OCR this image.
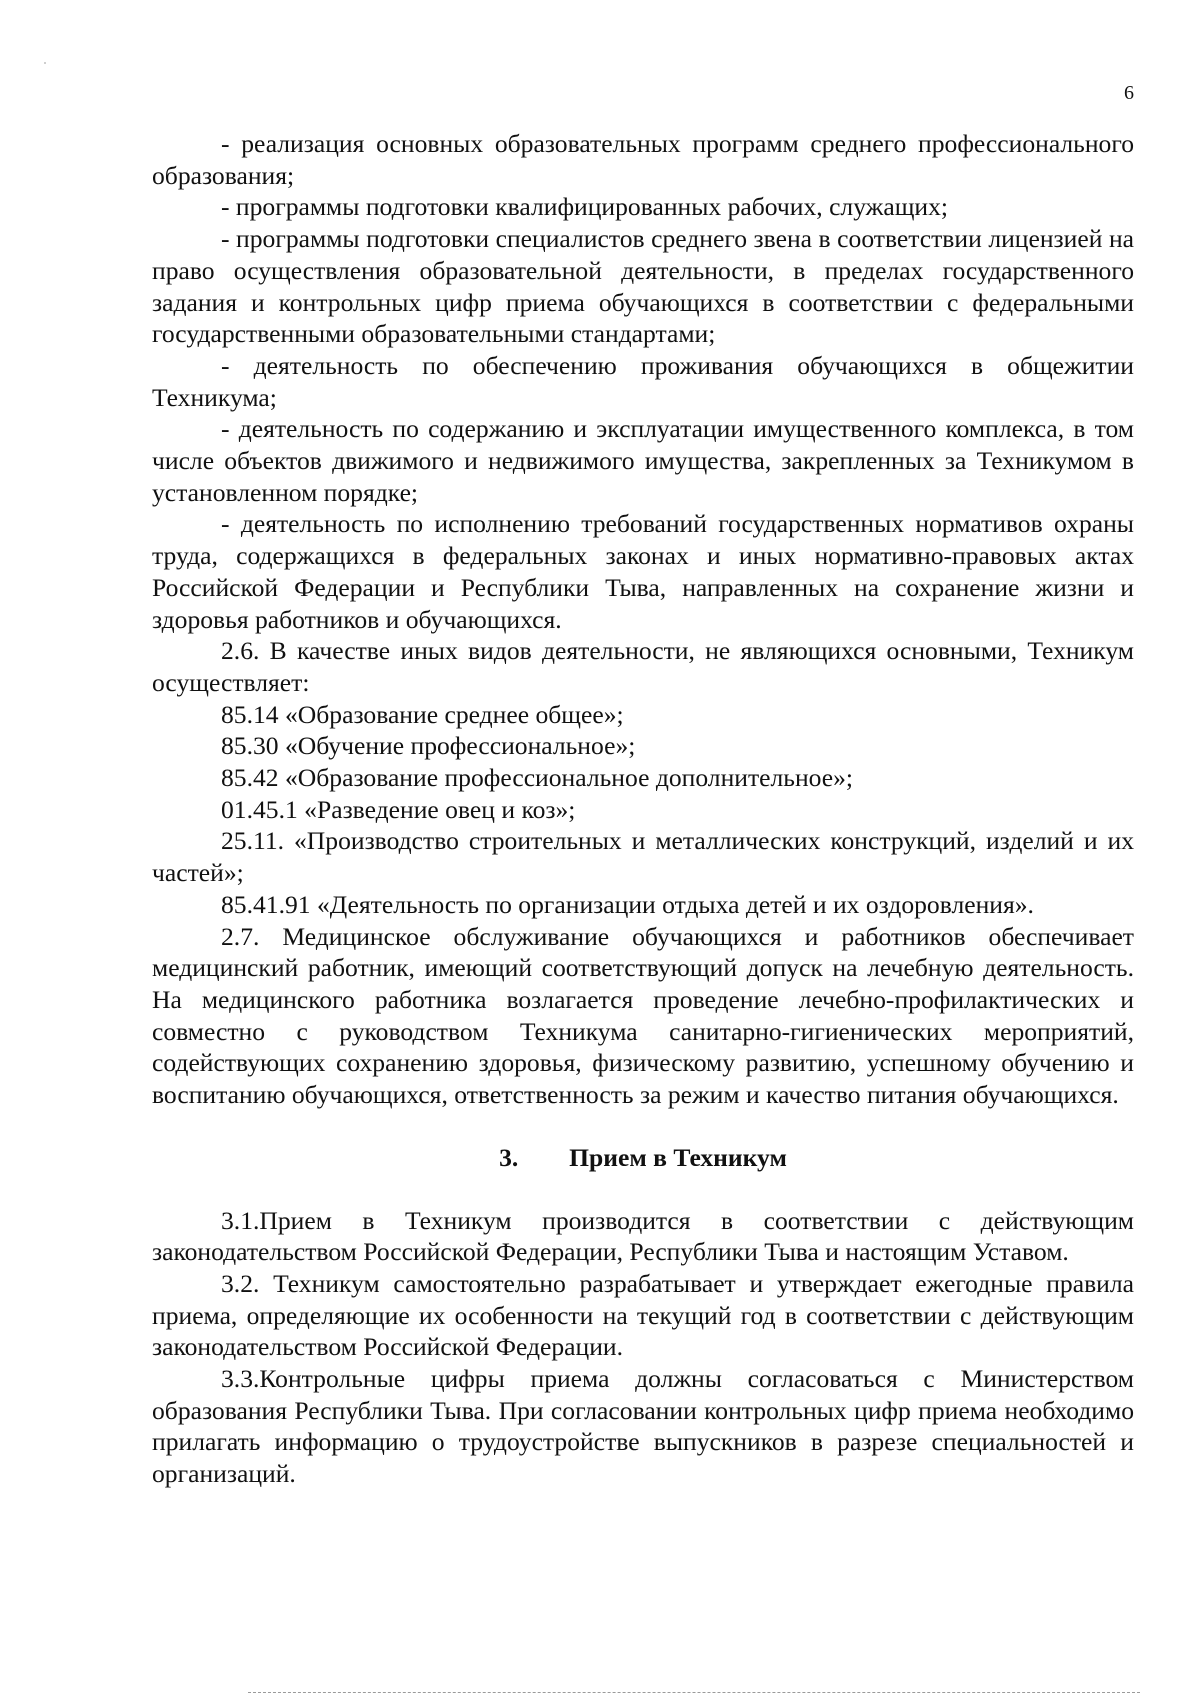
6

- реализация основных образовательных программ среднего профессионального образования;

- программы подготовки квалифицированных рабочих, служащих;

- программы подготовки специалистов среднего звена в соответствии лицензией на право осуществления образовательной деятельности, в пределах государственного задания и контрольных цифр приема обучающихся в соответствии с федеральными государственными образовательными стандартами;

- деятельность по обеспечению проживания обучающихся в общежитии Техникума;

- деятельность по содержанию и эксплуатации имущественного комплекса, в том числе объектов движимого и недвижимого имущества, закрепленных за Техникумом в установленном порядке;

- деятельность по исполнению требований государственных нормативов охраны труда, содержащихся в федеральных законах и иных нормативно-правовых актах Российской Федерации и Республики Тыва, направленных на сохранение жизни и здоровья работников и обучающихся.

2.6. В качестве иных видов деятельности, не являющихся основными, Техникум осуществляет:

85.14 «Образование среднее общее»;

85.30 «Обучение профессиональное»;

85.42 «Образование профессиональное дополнительное»;

01.45.1 «Разведение овец и коз»;

25.11. «Производство строительных и металлических конструкций, изделий и их частей»;

85.41.91 «Деятельность по организации отдыха детей и их оздоровления».

2.7. Медицинское обслуживание обучающихся и работников обеспечивает медицинский работник, имеющий соответствующий допуск на лечебную деятельность. На медицинского работника возлагается проведение лечебно-профилактических и совместно с руководством Техникума санитарно-гигиенических мероприятий, содействующих сохранению здоровья, физическому развитию, успешному обучению и воспитанию обучающихся, ответственность за режим и качество питания обучающихся.

3. Прием в Техникум

3.1.Прием в Техникум производится в соответствии с действующим законодательством Российской Федерации, Республики Тыва и настоящим Уставом.

3.2. Техникум самостоятельно разрабатывает и утверждает ежегодные правила приема, определяющие их особенности на текущий год в соответствии с действующим законодательством Российской Федерации.

3.3.Контрольные цифры приема должны согласоваться с Министерством образования Республики Тыва. При согласовании контрольных цифр приема необходимо прилагать информацию о трудоустройстве выпускников в разрезе специальностей и организаций.
